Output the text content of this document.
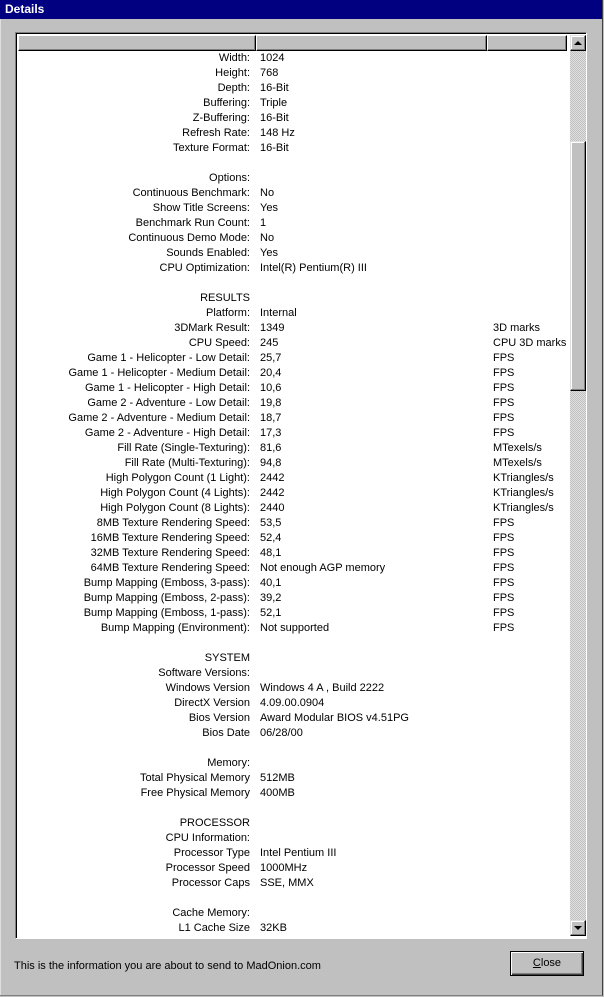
Details
Width: 1024
Height: 768
Depth: 16-Bit
Buffering: Triple
Z-Buffering: 16-Bit
Refresh Rate: 148 Hz
Texture Format: 16-Bit
Options:
Continuous Benchmark: No
Show Title Screens: Yes
Benchmark Run Count: 1
Continuous Demo Mode: No
Sounds Enabled: Yes
CPU Optimization: Intel(R) Pentium(R) III
RESULTS
Platform: Internal
3DMark Result: 1349	3D marks
CPU Speed: 245	CPU 3D marks
Game 1 - Helicopter - Low Detail: 25,7	FPS
Game 1 - Helicopter - Medium Detail: 20,4	FPS
Game 1 - Helicopter - High Detail: 10,6	FPS
Game 2 - Adventure - Low Detail: 19,8	FPS
Game 2 - Adventure - Medium Detail: 18,7	FPS
Game 2 - Adventure - High Detail: 17,3	FPS
Fill Rate (Single-Texturing): 81,6	MTexels/s
Fill Rate (Multi-Texturing): 94,8	MTexels/s
High Polygon Count (1 Light): 2442	KTriangles/s
High Polygon Count (4 Lights): 2442	KTriangles/s
High Polygon Count (8 Lights): 2440	KTriangles/s
8MB Texture Rendering Speed: 53,5	FPS
16MB Texture Rendering Speed: 52,4	FPS
32MB Texture Rendering Speed: 48,1	FPS
64MB Texture Rendering Speed: Not enough AGP memory	FPS
Bump Mapping (Emboss, 3-pass): 40,1	FPS
Bump Mapping (Emboss, 2-pass): 39,2	FPS
Bump Mapping (Emboss, 1-pass): 52,1	FPS
Bump Mapping (Environment): Not supported	FPS
SYSTEM
Software Versions:
Windows Version Windows 4 A , Build 2222
DirectX Version 4.09.00.0904
Bios Version Award Modular BIOS v4.51PG
Bios Date 06/28/00
Memory:
Total Physical Memory 512MB
Free Physical Memory 400MB
PROCESSOR
CPU Information:
Processor Type Intel Pentium III
Processor Speed 1000MHz
Processor Caps SSE, MMX
Cache Memory:
L1 Cache Size 32KB
This is the information you are about to send to MadOnion.com	Close
